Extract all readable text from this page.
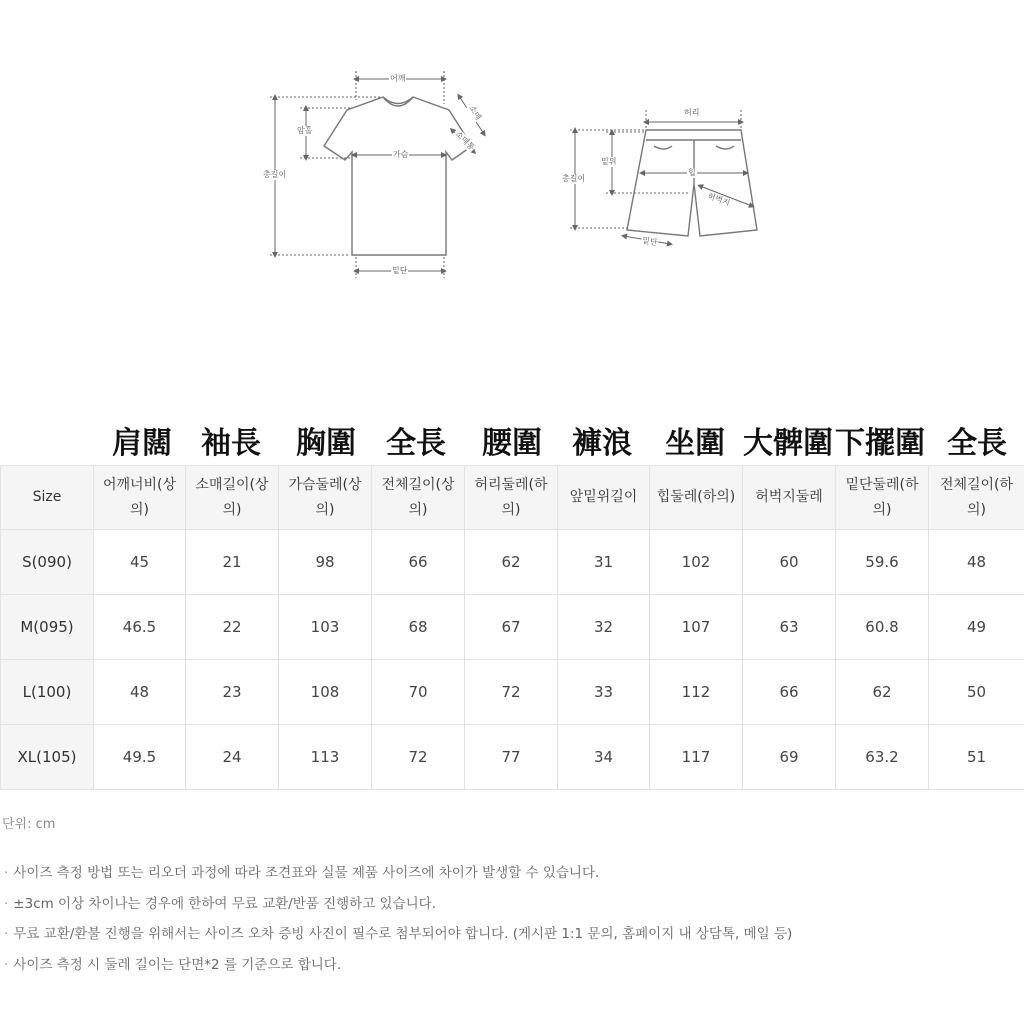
어깨
암홀
소매
소매통
가슴
총길이
밑단
허리
밑위
힙
허벅지
총길이
밑단
肩闊 袖長 胸圍 全長 腰圍 褲浪 坐圍 大髀圍 下擺圍 全長
Size	어깨너비(상의)	소매길이(상의)	가슴둘레(상의)	전체길이(상의)	허리둘레(하의)	앞밑위길이	힙둘레(하의)	허벅지둘레	밑단둘레(하의)	전체길이(하의)
S(090)	45	21	98	66	62	31	102	60	59.6	48
M(095)	46.5	22	103	68	67	32	107	63	60.8	49
L(100)	48	23	108	70	72	33	112	66	62	50
XL(105)	49.5	24	113	72	77	34	117	69	63.2	51
단위: cm
· 사이즈 측정 방법 또는 리오더 과정에 따라 조견표와 실물 제품 사이즈에 차이가 발생할 수 있습니다.
· ±3cm 이상 차이나는 경우에 한하여 무료 교환/반품 진행하고 있습니다.
· 무료 교환/환불 진행을 위해서는 사이즈 오차 증빙 사진이 필수로 첨부되어야 합니다. (게시판 1:1 문의, 홈페이지 내 상담톡, 메일 등)
· 사이즈 측정 시 둘레 길이는 단면*2 를 기준으로 합니다.
